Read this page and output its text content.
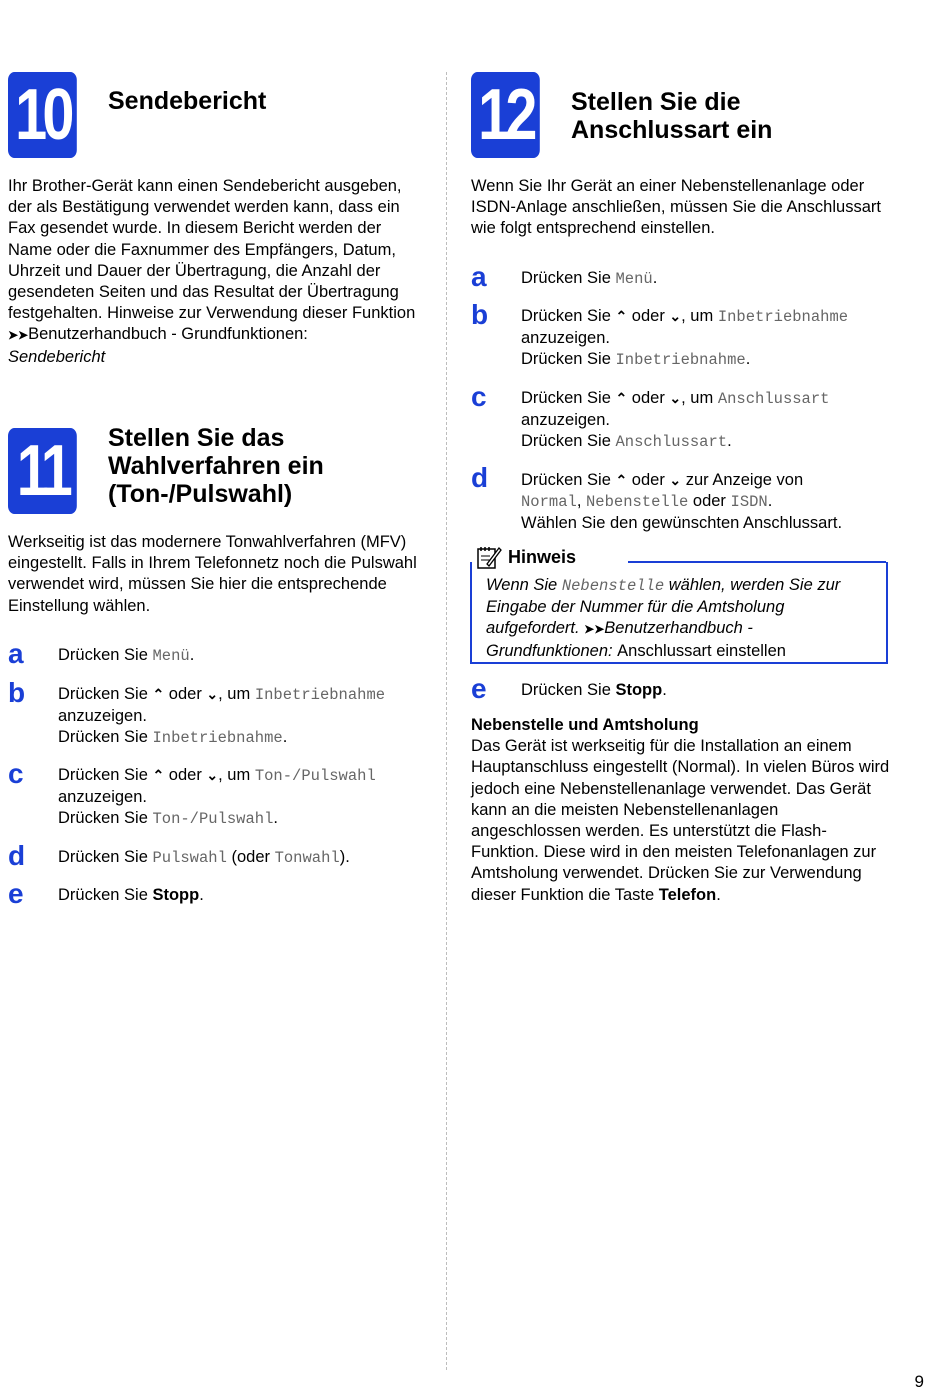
10 Sendebericht
Ihr Brother-Gerät kann einen Sendebericht ausgeben, der als Bestätigung verwendet werden kann, dass ein Fax gesendet wurde. In diesem Bericht werden der Name oder die Faxnummer des Empfängers, Datum, Uhrzeit und Dauer der Übertragung, die Anzahl der gesendeten Seiten und das Resultat der Übertragung festgehalten. Hinweise zur Verwendung dieser Funktion
➤➤Benutzerhandbuch - Grundfunktionen:
Sendebericht
11	Stellen Sie das
Wahlverfahren ein
(Ton-/Pulswahl)
Werkseitig ist das modernere Tonwahlverfahren (MFV) eingestellt. Falls in Ihrem Telefonnetz noch die Pulswahl verwendet wird, müssen Sie hier die entsprechende Einstellung wählen.
a Drücken Sie Menü.
b Drücken Sie ⌃ oder ⌄, um Inbetriebnahme
anzuzeigen.
Drücken Sie Inbetriebnahme.
c Drücken Sie ⌃ oder ⌄, um Ton-/Pulswahl
anzuzeigen.
Drücken Sie Ton-/Pulswahl.
d Drücken Sie Pulswahl (oder Tonwahl).
e Drücken Sie Stopp.
12 Stellen Sie die
Anschlussart ein
Wenn Sie Ihr Gerät an einer Nebenstellenanlage oder ISDN-Anlage anschließen, müssen Sie die Anschlussart wie folgt entsprechend einstellen.
a Drücken Sie Menü.
b Drücken Sie ⌃ oder ⌄, um Inbetriebnahme
anzuzeigen.
Drücken Sie Inbetriebnahme.
c Drücken Sie ⌃ oder ⌄, um Anschlussart
anzuzeigen.
Drücken Sie Anschlussart.
d Drücken Sie ⌃ oder ⌄ zur Anzeige von
Normal, Nebenstelle oder ISDN.
Wählen Sie den gewünschten Anschlussart.
Hinweis
Wenn Sie Nebenstelle wählen, werden Sie zur Eingabe der Nummer für die Amtsholung aufgefordert. ➤➤Benutzerhandbuch - Grundfunktionen: Anschlussart einstellen
e Drücken Sie Stopp.
Nebenstelle und Amtsholung
Das Gerät ist werkseitig für die Installation an einem Hauptanschluss eingestellt (Normal). In vielen Büros wird jedoch eine Nebenstellenanlage verwendet. Das Gerät kann an die meisten Nebenstellenanlagen angeschlossen werden. Es unterstützt die Flash-Funktion. Diese wird in den meisten Telefonanlagen zur Amtsholung verwendet. Drücken Sie zur Verwendung dieser Funktion die Taste Telefon.
9
